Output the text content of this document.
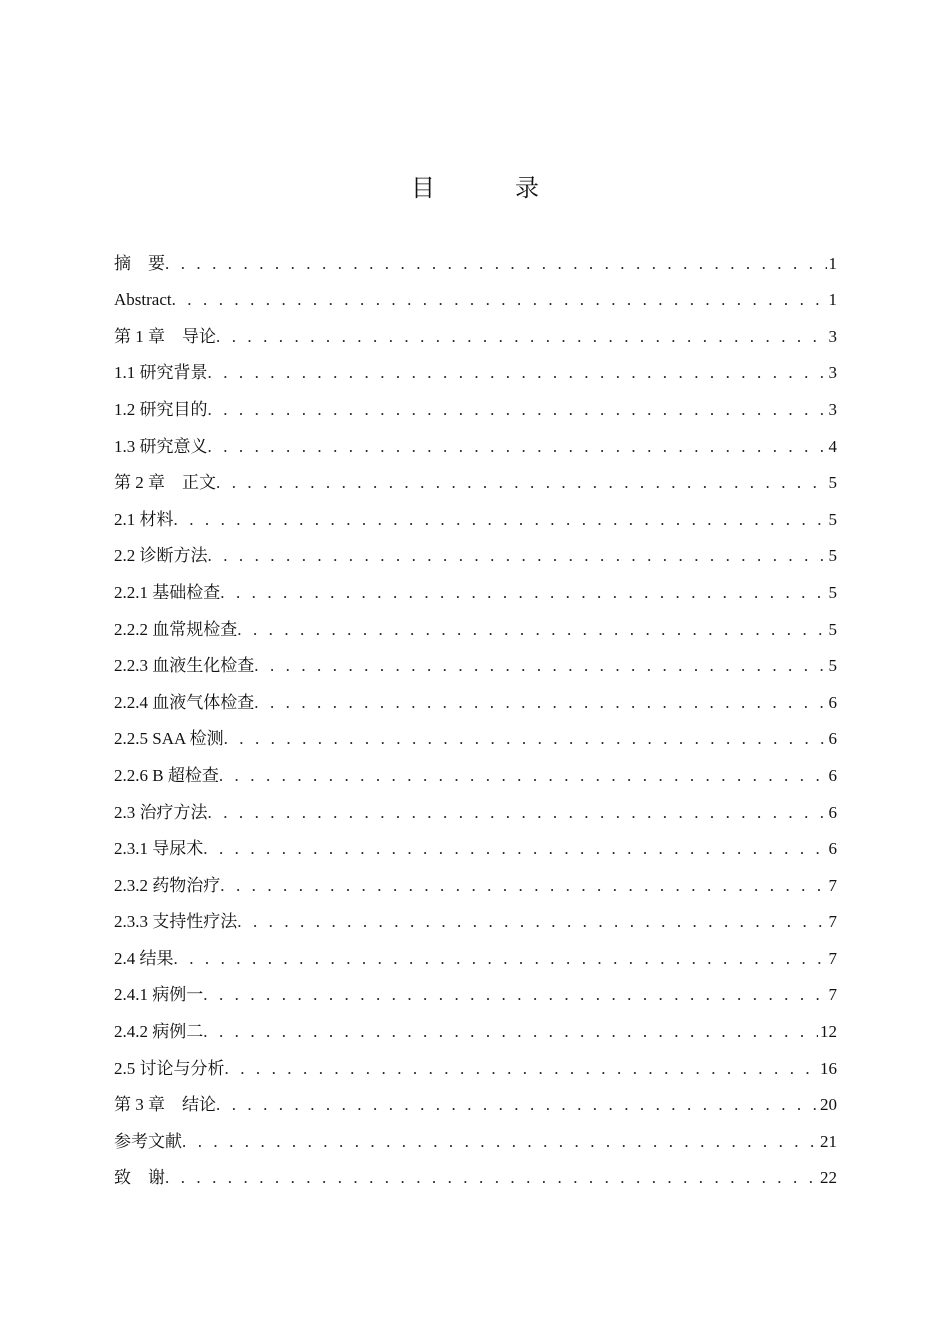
目　录
摘　要 . . .	1
Abstract . . .	1
第 1 章　导论 . . .	3
1.1 研究背景 . . .	3
1.2 研究目的 . . .	3
1.3 研究意义 . . .	4
第 2 章　正文 . . .	5
2.1 材料 . . .	5
2.2 诊断方法 . . .	5
2.2.1 基础检查 . . .	5
2.2.2 血常规检查 . . .	5
2.2.3 血液生化检查 . . .	5
2.2.4 血液气体检查 . . .	6
2.2.5 SAA 检测 . . .	6
2.2.6 B 超检查 . . .	6
2.3 治疗方法 . . .	6
2.3.1 导尿术 . . .	6
2.3.2 药物治疗 . . .	7
2.3.3 支持性疗法 . . .	7
2.4 结果 . . .	7
2.4.1 病例一 . . .	7
2.4.2 病例二 . . .	12
2.5 讨论与分析 . . .	16
第 3 章　结论 . . .	20
参考文献 . . .	21
致　谢 . . .	22
